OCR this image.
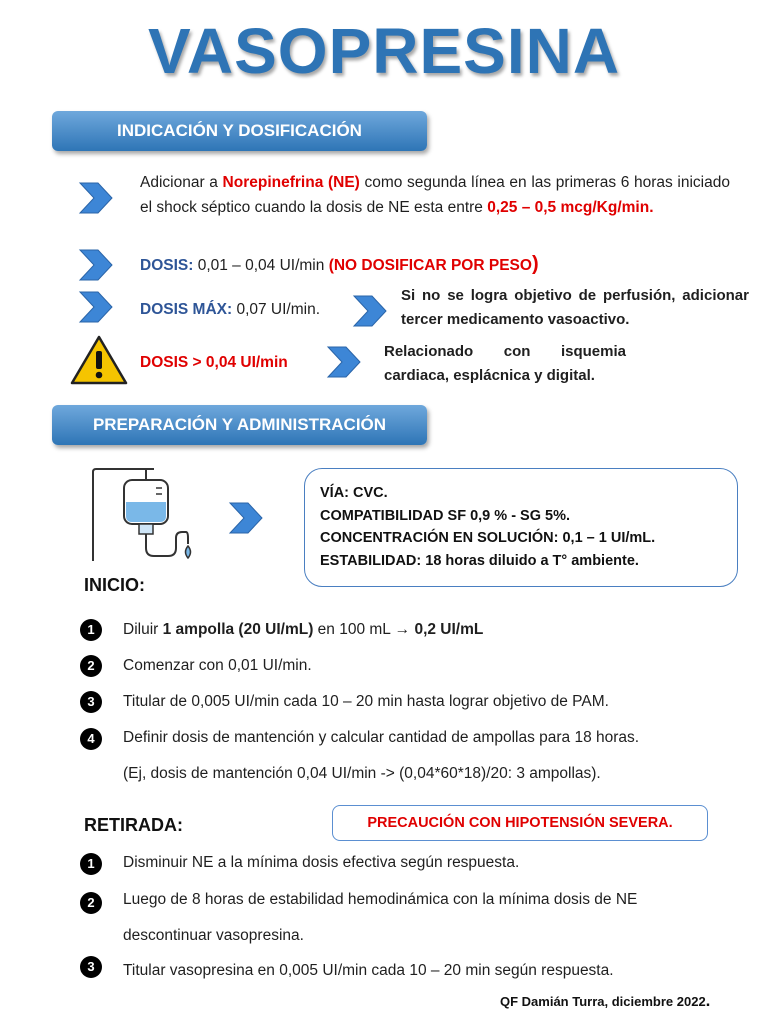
VASOPRESINA
INDICACIÓN Y DOSIFICACIÓN
Adicionar a Norepinefrina (NE) como segunda línea en las primeras 6 horas iniciado el shock séptico cuando la dosis de NE esta entre 0,25 – 0,5 mcg/Kg/min.
DOSIS: 0,01 – 0,04 UI/min (NO DOSIFICAR POR PESO)
DOSIS MÁX: 0,07 UI/min.
Si no se logra objetivo de perfusión, adicionar tercer medicamento vasoactivo.
DOSIS > 0,04 UI/min
Relacionado con isquemia cardiaca, esplácnica y digital.
PREPARACIÓN Y ADMINISTRACIÓN
VÍA: CVC.
COMPATIBILIDAD SF 0,9 % - SG 5%.
CONCENTRACIÓN EN SOLUCIÓN: 0,1 – 1 UI/mL.
ESTABILIDAD: 18 horas diluido a T° ambiente.
INICIO:
1	Diluir 1 ampolla (20 UI/mL) en 100 mL → 0,2 UI/mL
2	Comenzar con 0,01 UI/min.
3	Titular de 0,005 UI/min cada 10 – 20 min hasta lograr objetivo de PAM.
4	Definir dosis de mantención y calcular cantidad de ampollas para 18 horas.
(Ej, dosis de mantención 0,04 UI/min -> (0,04*60*18)/20: 3 ampollas).
RETIRADA:	PRECAUCIÓN CON HIPOTENSIÓN SEVERA.
1	Disminuir NE a la mínima dosis efectiva según respuesta.
2	Luego de 8 horas de estabilidad hemodinámica con la mínima dosis de NE
descontinuar vasopresina.
3	Titular vasopresina en 0,005 UI/min cada 10 – 20 min según respuesta.
QF Damián Turra, diciembre 2022.
